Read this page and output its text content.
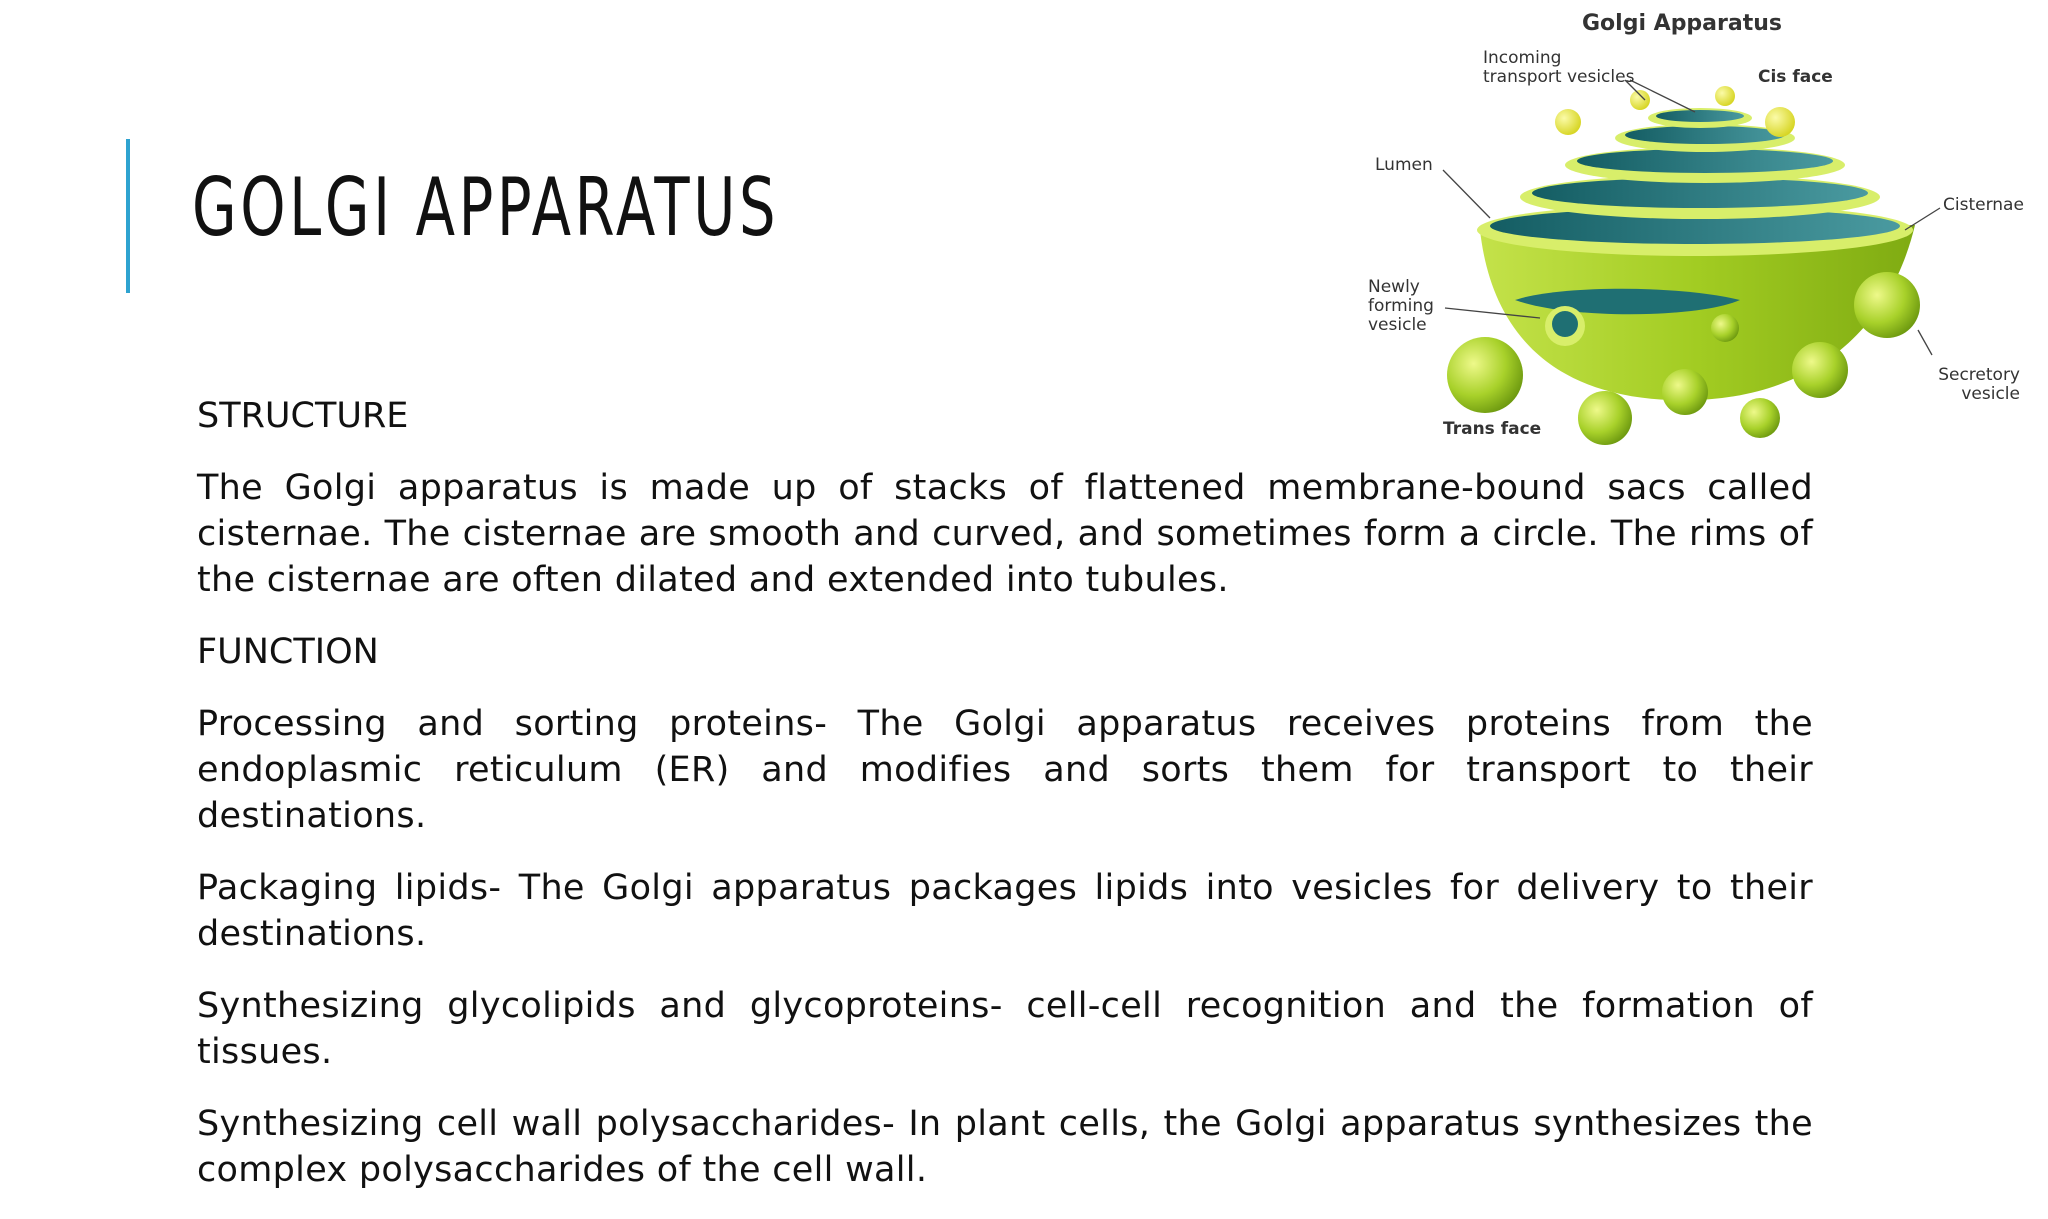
GOLGI APPARATUS
STRUCTURE

The Golgi apparatus is made up of stacks of flattened membrane-bound sacs called cisternae. The cisternae are smooth and curved, and sometimes form a circle. The rims of the cisternae are often dilated and extended into tubules.

FUNCTION

Processing and sorting proteins- The Golgi apparatus receives proteins from the endoplasmic reticulum (ER) and modifies and sorts them for transport to their destinations.

Packaging lipids- The Golgi apparatus packages lipids into vesicles for delivery to their destinations.

Synthesizing glycolipids and glycoproteins- cell-cell recognition and the formation of tissues.

Synthesizing cell wall polysaccharides- In plant cells, the Golgi apparatus synthesizes the complex polysaccharides of the cell wall.

Golgi Apparatus
Incoming
transport vesicles	Cis face
Lumen
Cisternae
Newly
forming
vesicle
Secretory
vesicle
Trans face
